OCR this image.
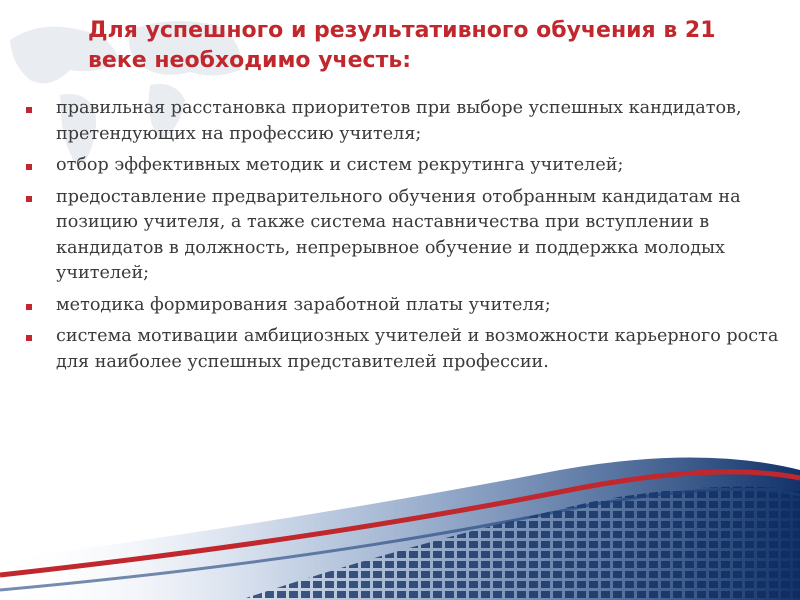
Для успешного и результативного обучения в 21 веке необходимо учесть:
правильная расстановка приоритетов при выборе успешных кандидатов, претендующих на профессию учителя;
отбор эффективных методик и систем рекрутинга учителей;
предоставление предварительного обучения отобранным кандидатам на позицию учителя, а также система наставничества при вступлении в кандидатов в должность, непрерывное обучение и поддержка молодых учителей;
методика формирования заработной платы учителя;
система мотивации амбициозных учителей и возможности карьерного роста для наиболее успешных представителей профессии.
